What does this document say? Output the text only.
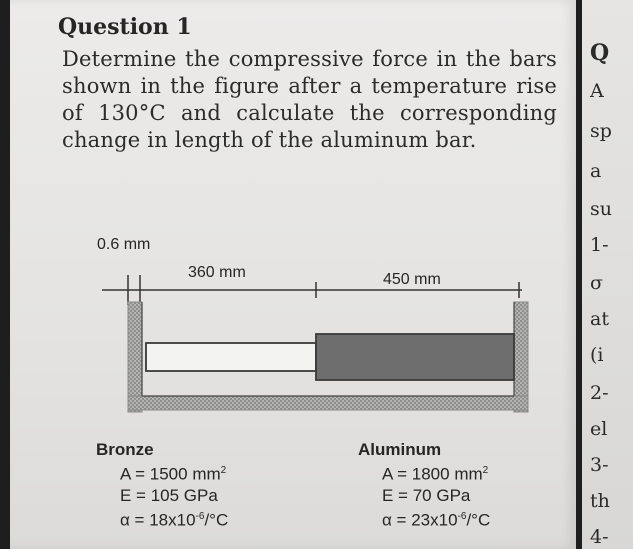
Question 1

Determine the compressive force in the bars shown in the figure after a temperature rise of 130°C and calculate the corresponding change in length of the aluminum bar.

0.6 mm
360 mm	450 mm
Bronze
A = 1500 $mm^2$
E = 105 GPa
$\alpha = 18x10^{-6}/^\circ C$
Aluminum
A = 1800 $mm^2$
E = 70 GPa
$\alpha = 23x10^{-6}/^\circ C$
Q
A
sp
a
su
1-
σ
at
(i
2-
el
3-
th
4-
